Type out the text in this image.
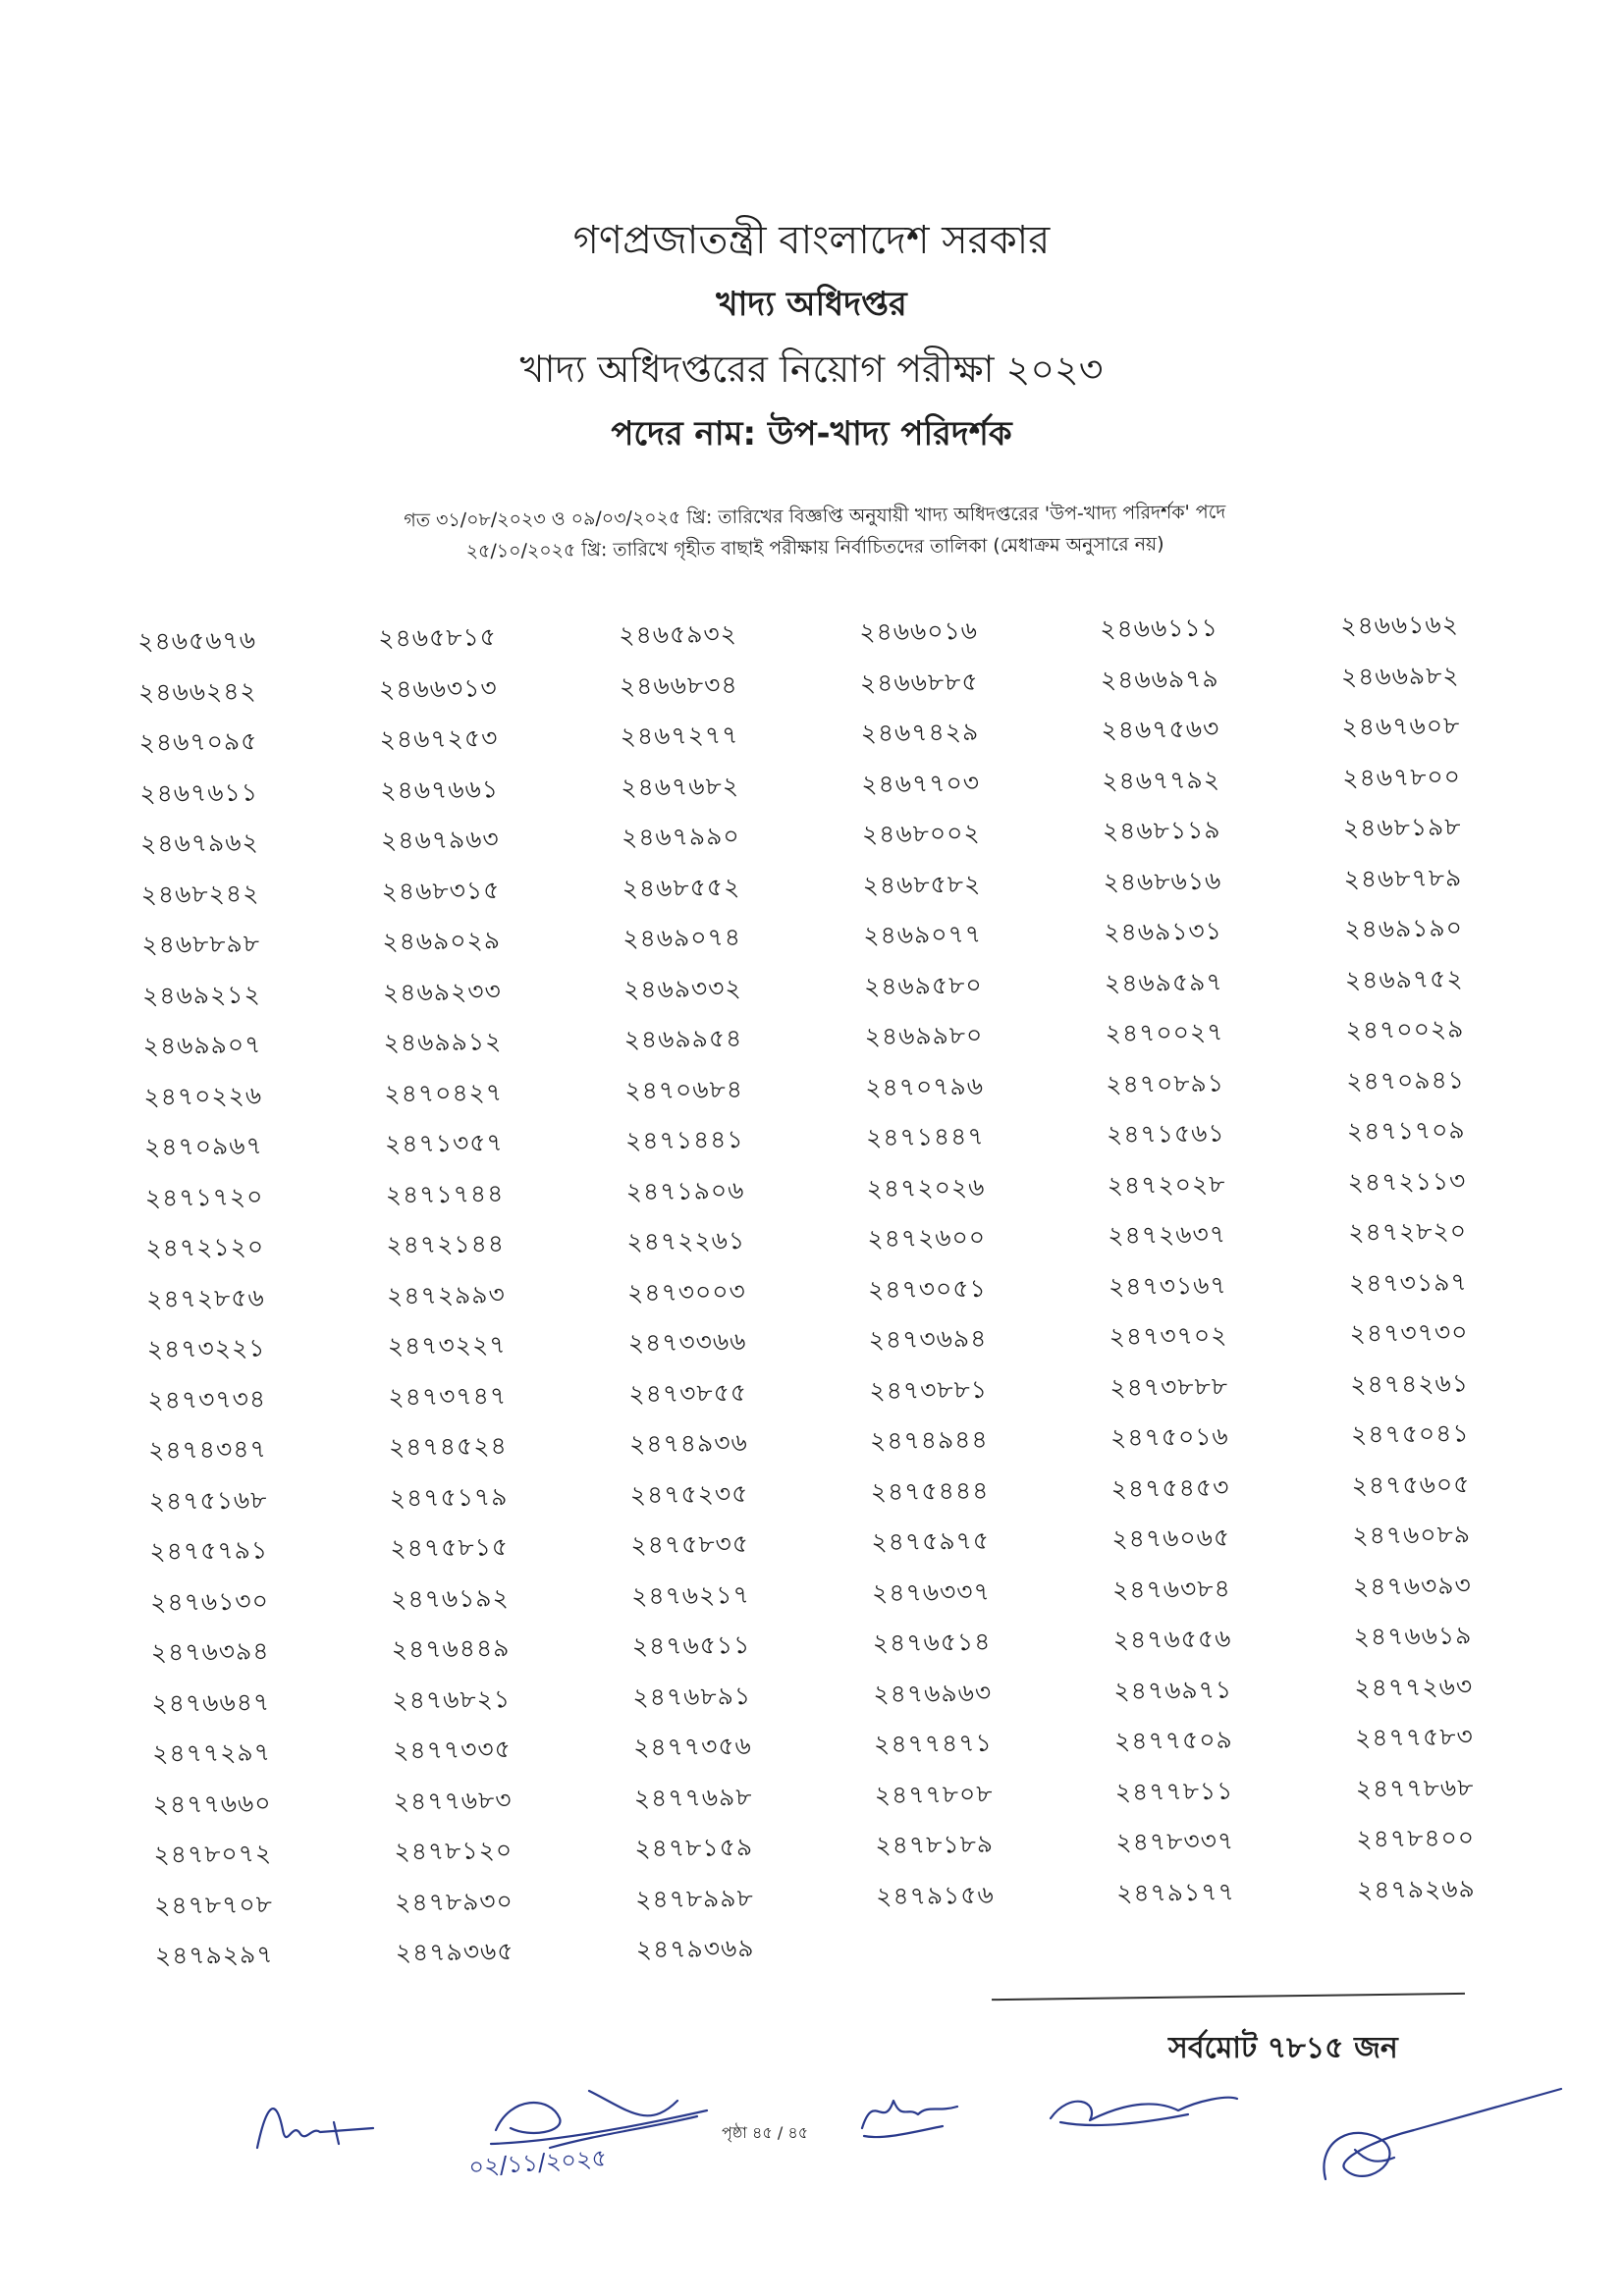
গণপ্রজাতন্ত্রী বাংলাদেশ সরকার
খাদ্য অধিদপ্তর
খাদ্য অধিদপ্তরের নিয়োগ পরীক্ষা ২০২৩
পদের নাম: উপ-খাদ্য পরিদর্শক
গত ৩১/০৮/২০২৩ ও ০৯/০৩/২০২৫ খ্রি: তারিখের বিজ্ঞপ্তি অনুযায়ী খাদ্য অধিদপ্তরের 'উপ-খাদ্য পরিদর্শক' পদে
২৫/১০/২০২৫ খ্রি: তারিখে গৃহীত বাছাই পরীক্ষায় নির্বাচিতদের তালিকা (মেধাক্রম অনুসারে নয়)
২৪৬৫৬৭৬	২৪৬৫৮১৫	২৪৬৫৯৩২	২৪৬৬০১৬	২৪৬৬১১১	২৪৬৬১৬২
২৪৬৬২৪২	২৪৬৬৩১৩	২৪৬৬৮৩৪	২৪৬৬৮৮৫	২৪৬৬৯৭৯	২৪৬৬৯৮২
২৪৬৭০৯৫	২৪৬৭২৫৩	২৪৬৭২৭৭	২৪৬৭৪২৯	২৪৬৭৫৬৩	২৪৬৭৬০৮
২৪৬৭৬১১	২৪৬৭৬৬১	২৪৬৭৬৮২	২৪৬৭৭০৩	২৪৬৭৭৯২	২৪৬৭৮০০
২৪৬৭৯৬২	২৪৬৭৯৬৩	২৪৬৭৯৯০	২৪৬৮০০২	২৪৬৮১১৯	২৪৬৮১৯৮
২৪৬৮২৪২	২৪৬৮৩১৫	২৪৬৮৫৫২	২৪৬৮৫৮২	২৪৬৮৬১৬	২৪৬৮৭৮৯
২৪৬৮৮৯৮	২৪৬৯০২৯	২৪৬৯০৭৪	২৪৬৯০৭৭	২৪৬৯১৩১	২৪৬৯১৯০
২৪৬৯২১২	২৪৬৯২৩৩	২৪৬৯৩৩২	২৪৬৯৫৮০	২৪৬৯৫৯৭	২৪৬৯৭৫২
২৪৬৯৯০৭	২৪৬৯৯১২	২৪৬৯৯৫৪	২৪৬৯৯৮০	২৪৭০০২৭	২৪৭০০২৯
২৪৭০২২৬	২৪৭০৪২৭	২৪৭০৬৮৪	২৪৭০৭৯৬	২৪৭০৮৯১	২৪৭০৯৪১
২৪৭০৯৬৭	২৪৭১৩৫৭	২৪৭১৪৪১	২৪৭১৪৪৭	২৪৭১৫৬১	২৪৭১৭০৯
২৪৭১৭২০	২৪৭১৭৪৪	২৪৭১৯০৬	২৪৭২০২৬	২৪৭২০২৮	২৪৭২১১৩
২৪৭২১২০	২৪৭২১৪৪	২৪৭২২৬১	২৪৭২৬০০	২৪৭২৬৩৭	২৪৭২৮২০
২৪৭২৮৫৬	২৪৭২৯৯৩	২৪৭৩০০৩	২৪৭৩০৫১	২৪৭৩১৬৭	২৪৭৩১৯৭
২৪৭৩২২১	২৪৭৩২২৭	২৪৭৩৩৬৬	২৪৭৩৬৯৪	২৪৭৩৭০২	২৪৭৩৭৩০
২৪৭৩৭৩৪	২৪৭৩৭৪৭	২৪৭৩৮৫৫	২৪৭৩৮৮১	২৪৭৩৮৮৮	২৪৭৪২৬১
২৪৭৪৩৪৭	২৪৭৪৫২৪	২৪৭৪৯৩৬	২৪৭৪৯৪৪	২৪৭৫০১৬	২৪৭৫০৪১
২৪৭৫১৬৮	২৪৭৫১৭৯	২৪৭৫২৩৫	২৪৭৫৪৪৪	২৪৭৫৪৫৩	২৪৭৫৬০৫
২৪৭৫৭৯১	২৪৭৫৮১৫	২৪৭৫৮৩৫	২৪৭৫৯৭৫	২৪৭৬০৬৫	২৪৭৬০৮৯
২৪৭৬১৩০	২৪৭৬১৯২	২৪৭৬২১৭	২৪৭৬৩৩৭	২৪৭৬৩৮৪	২৪৭৬৩৯৩
২৪৭৬৩৯৪	২৪৭৬৪৪৯	২৪৭৬৫১১	২৪৭৬৫১৪	২৪৭৬৫৫৬	২৪৭৬৬১৯
২৪৭৬৬৪৭	২৪৭৬৮২১	২৪৭৬৮৯১	২৪৭৬৯৬৩	২৪৭৬৯৭১	২৪৭৭২৬৩
২৪৭৭২৯৭	২৪৭৭৩৩৫	২৪৭৭৩৫৬	২৪৭৭৪৭১	২৪৭৭৫০৯	২৪৭৭৫৮৩
২৪৭৭৬৬০	২৪৭৭৬৮৩	২৪৭৭৬৯৮	২৪৭৭৮০৮	২৪৭৭৮১১	২৪৭৭৮৬৮
২৪৭৮০৭২	২৪৭৮১২০	২৪৭৮১৫৯	২৪৭৮১৮৯	২৪৭৮৩৩৭	২৪৭৮৪০০
২৪৭৮৭০৮	২৪৭৮৯৩০	২৪৭৮৯৯৮	২৪৭৯১৫৬	২৪৭৯১৭৭	২৪৭৯২৬৯
২৪৭৯২৯৭	২৪৭৯৩৬৫	২৪৭৯৩৬৯
সর্বমোট ৭৮১৫ জন
০২/১১/২০২৫
পৃষ্ঠা ৪৫ / ৪৫
